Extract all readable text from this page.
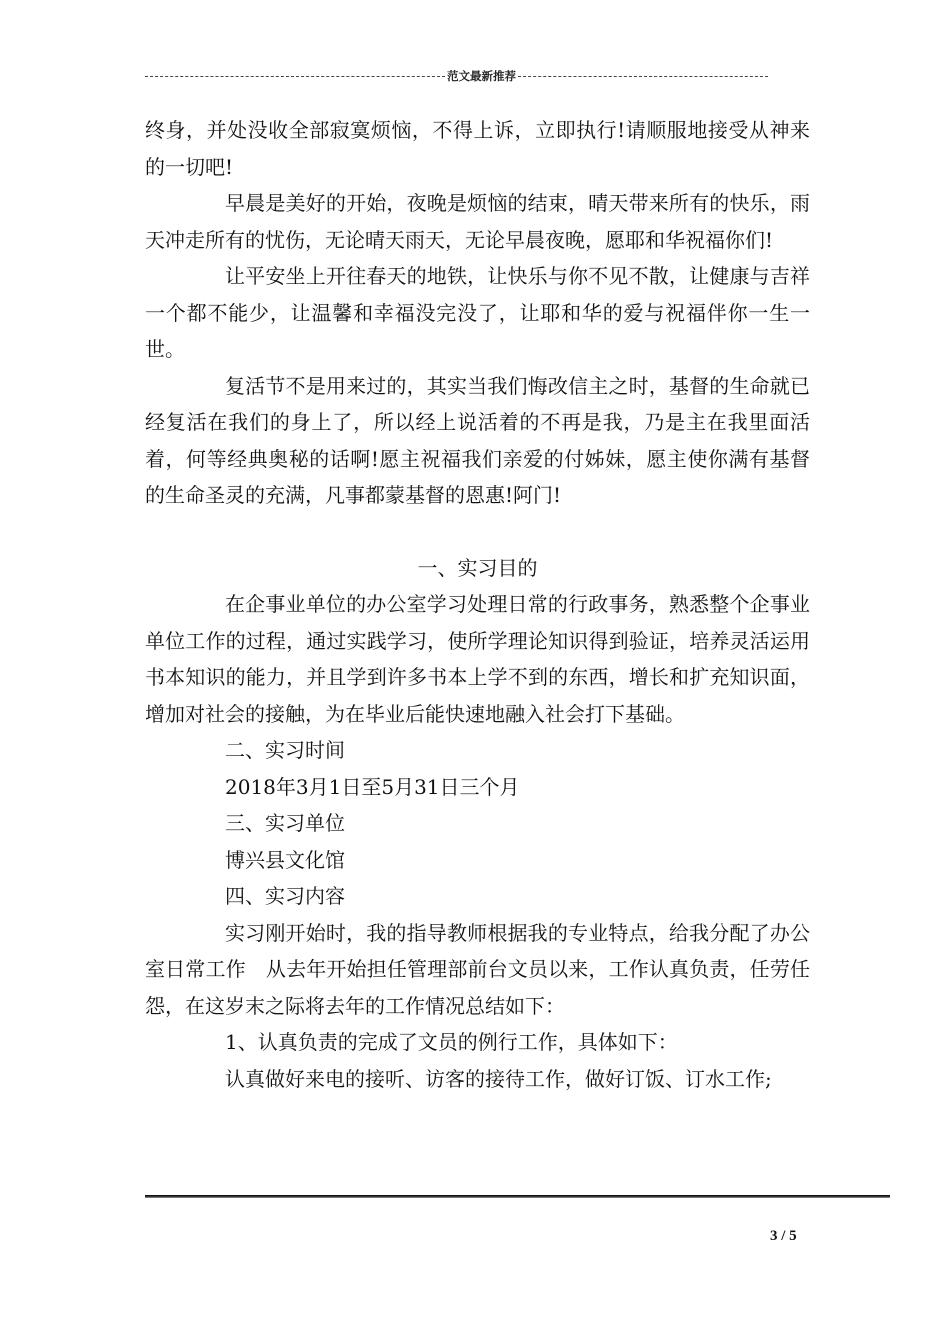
范文最新推荐

终身，并处没收全部寂寞烦恼，不得上诉，立即执行!请顺服地接受从神来的一切吧!

早晨是美好的开始，夜晚是烦恼的结束，晴天带来所有的快乐，雨天冲走所有的忧伤，无论晴天雨天，无论早晨夜晚，愿耶和华祝福你们!

让平安坐上开往春天的地铁，让快乐与你不见不散，让健康与吉祥一个都不能少，让温馨和幸福没完没了，让耶和华的爱与祝福伴你一生一世。

复活节不是用来过的，其实当我们悔改信主之时，基督的生命就已经复活在我们的身上了，所以经上说活着的不再是我，乃是主在我里面活着，何等经典奥秘的话啊!愿主祝福我们亲爱的付姊妹，愿主使你满有基督的生命圣灵的充满，凡事都蒙基督的恩惠!阿门!

一、实习目的

在企事业单位的办公室学习处理日常的行政事务，熟悉整个企事业单位工作的过程，通过实践学习，使所学理论知识得到验证，培养灵活运用书本知识的能力，并且学到许多书本上学不到的东西，增长和扩充知识面，增加对社会的接触，为在毕业后能快速地融入社会打下基础。

二、实习时间

2018年3月1日至5月31日三个月

三、实习单位

博兴县文化馆

四、实习内容

实习刚开始时，我的指导教师根据我的专业特点，给我分配了办公室日常工作　从去年开始担任管理部前台文员以来，工作认真负责，任劳任怨，在这岁末之际将去年的工作情况总结如下：

1、认真负责的完成了文员的例行工作，具体如下：

认真做好来电的接听、访客的接待工作，做好订饭、订水工作;

3 / 5
